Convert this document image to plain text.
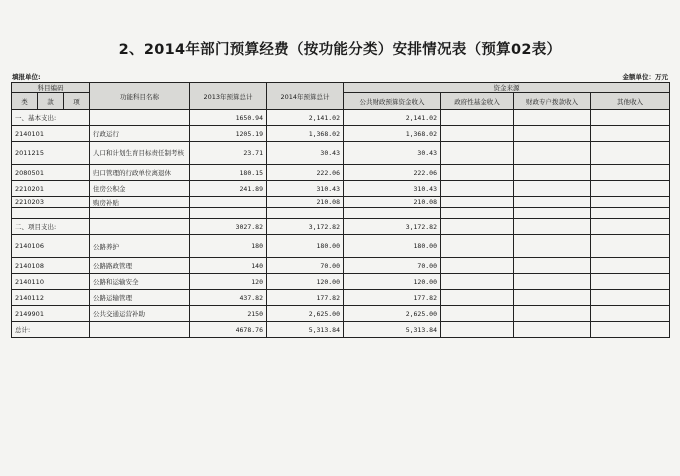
2、2014年部门预算经费（按功能分类）安排情况表（预算02表）
填报单位:	金额单位：万元
科目编码			功能科目名称	2013年预算总计	2014年预算总计	资金来源			
类	款	项				公共财政预算资金收入	政府性基金收入	财政专户拨款收入	其他收入

一、基本支出:				1650.94	2,141.02	2,141.02			
2140101			行政运行	1205.19	1,368.02	1,368.02			
2011215			人口和计划生育目标责任制考核	23.71	30.43	30.43			
2080501			归口管理的行政单位离退休	180.15	222.06	222.06			
2210201			住房公积金	241.89	310.43	310.43			
2210203			购房补贴		210.08	210.08			

二、项目支出:				3027.82	3,172.82	3,172.82			
2140106			公路养护	180	180.00	180.00			
2140108			公路路政管理	140	70.00	70.00			
2140110			公路和运输安全	120	120.00	120.00			
2140112			公路运输管理	437.82	177.82	177.82			
2149901			公共交通运营补助	2150	2,625.00	2,625.00			
总计:				4678.76	5,313.84	5,313.84			
